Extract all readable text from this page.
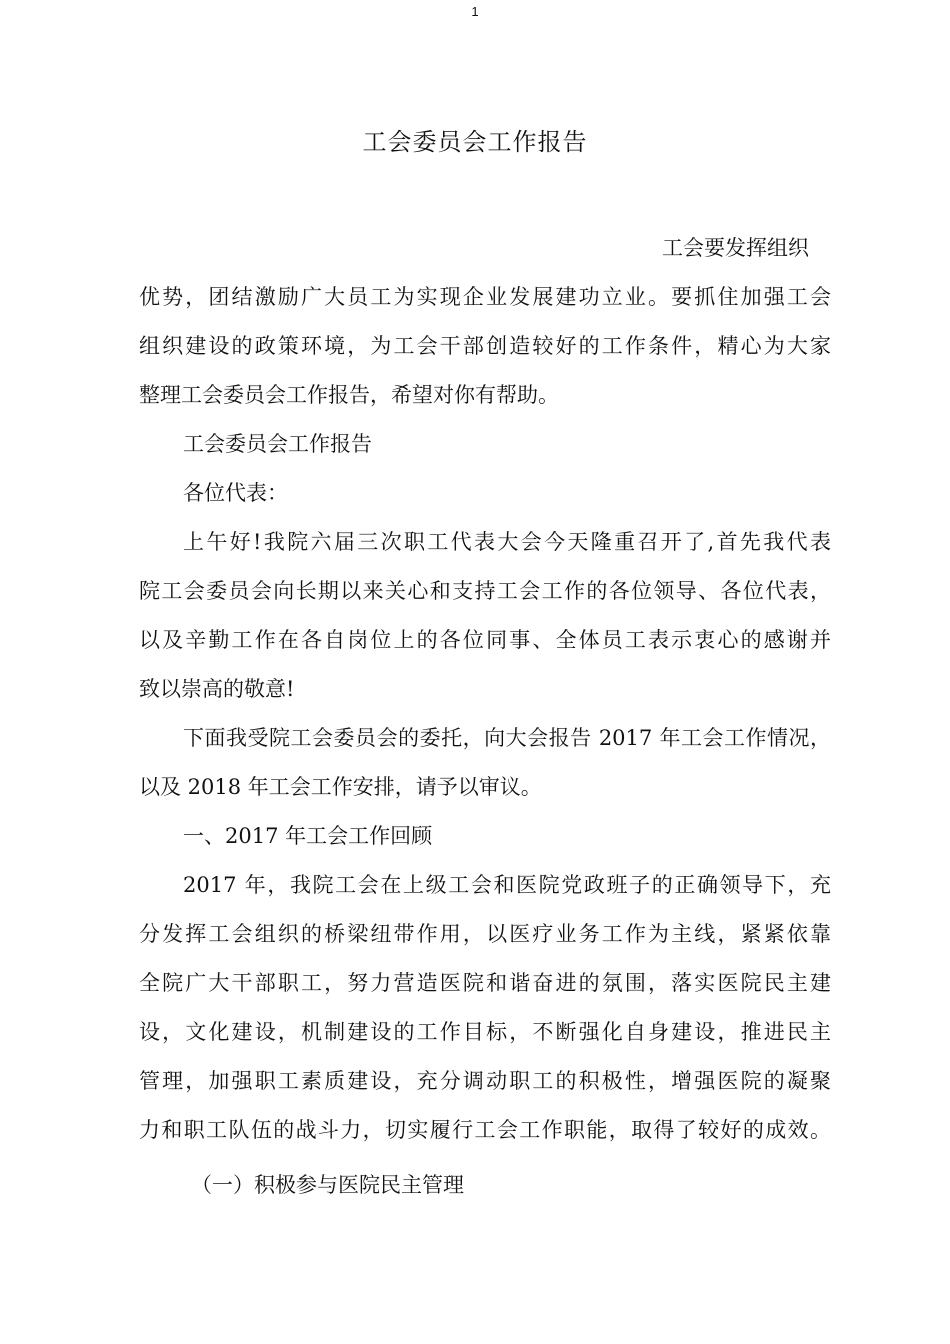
1
工会委员会工作报告
工会要发挥组织
优势，团结激励广大员工为实现企业发展建功立业。要抓住加强工会
组织建设的政策环境，为工会干部创造较好的工作条件，精心为大家
整理工会委员会工作报告，希望对你有帮助。
工会委员会工作报告
各位代表：
上午好!我院六届三次职工代表大会今天隆重召开了,首先我代表
院工会委员会向长期以来关心和支持工会工作的各位领导、各位代表，
以及辛勤工作在各自岗位上的各位同事、全体员工表示衷心的感谢并
致以崇高的敬意!
下面我受院工会委员会的委托，向大会报告 2017 年工会工作情况，
以及 2018 年工会工作安排，请予以审议。
一、2017 年工会工作回顾
2017 年，我院工会在上级工会和医院党政班子的正确领导下，充
分发挥工会组织的桥梁纽带作用，以医疗业务工作为主线，紧紧依靠
全院广大干部职工，努力营造医院和谐奋进的氛围，落实医院民主建
设，文化建设，机制建设的工作目标，不断强化自身建设，推进民主
管理，加强职工素质建设，充分调动职工的积极性，增强医院的凝聚
力和职工队伍的战斗力，切实履行工会工作职能，取得了较好的成效。
（一）积极参与医院民主管理
